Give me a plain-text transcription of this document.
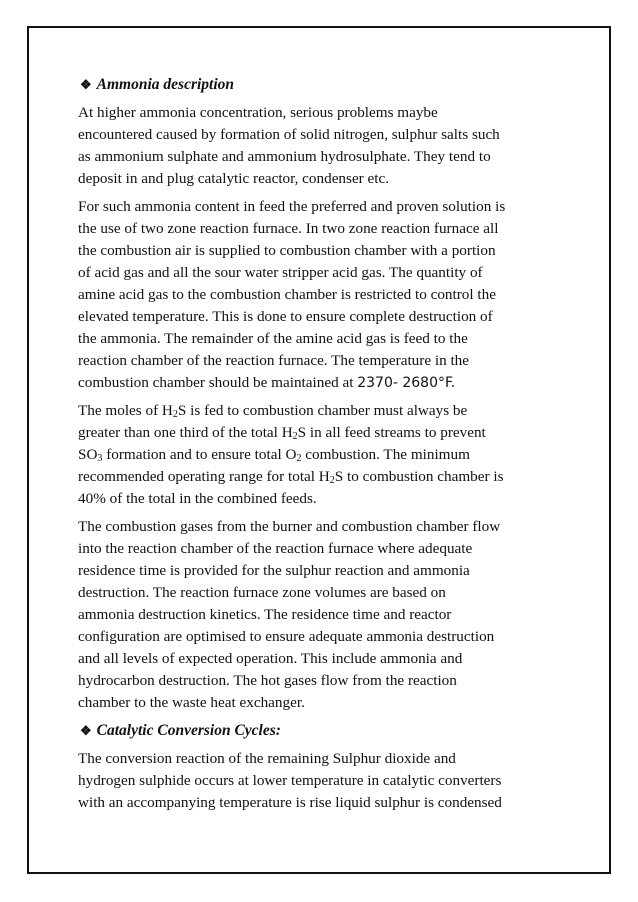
❖ Ammonia description

At higher ammonia concentration, serious problems maybe
encountered caused by formation of solid nitrogen, sulphur salts such
as ammonium sulphate and ammonium hydrosulphate. They tend to
deposit in and plug catalytic reactor, condenser etc.

For such ammonia content in feed the preferred and proven solution is
the use of two zone reaction furnace. In two zone reaction furnace all
the combustion air is supplied to combustion chamber with a portion
of acid gas and all the sour water stripper acid gas. The quantity of
amine acid gas to the combustion chamber is restricted to control the
elevated temperature. This is done to ensure complete destruction of
the ammonia. The remainder of the amine acid gas is feed to the
reaction chamber of the reaction furnace. The temperature in the
combustion chamber should be maintained at 2370- 2680°F.

The moles of $H_2S$ is fed to combustion chamber must always be
greater than one third of the total $H_2S$ in all feed streams to prevent
$SO_3$ formation and to ensure total $O_2$ combustion. The minimum
recommended operating range for total $H_2S$ to combustion chamber is
40% of the total in the combined feeds.

The combustion gases from the burner and combustion chamber flow
into the reaction chamber of the reaction furnace where adequate
residence time is provided for the sulphur reaction and ammonia
destruction. The reaction furnace zone volumes are based on
ammonia destruction kinetics. The residence time and reactor
configuration are optimised to ensure adequate ammonia destruction
and all levels of expected operation. This include ammonia and
hydrocarbon destruction. The hot gases flow from the reaction
chamber to the waste heat exchanger.

❖ Catalytic Conversion Cycles:

The conversion reaction of the remaining Sulphur dioxide and
hydrogen sulphide occurs at lower temperature in catalytic converters
with an accompanying temperature is rise liquid sulphur is condensed
